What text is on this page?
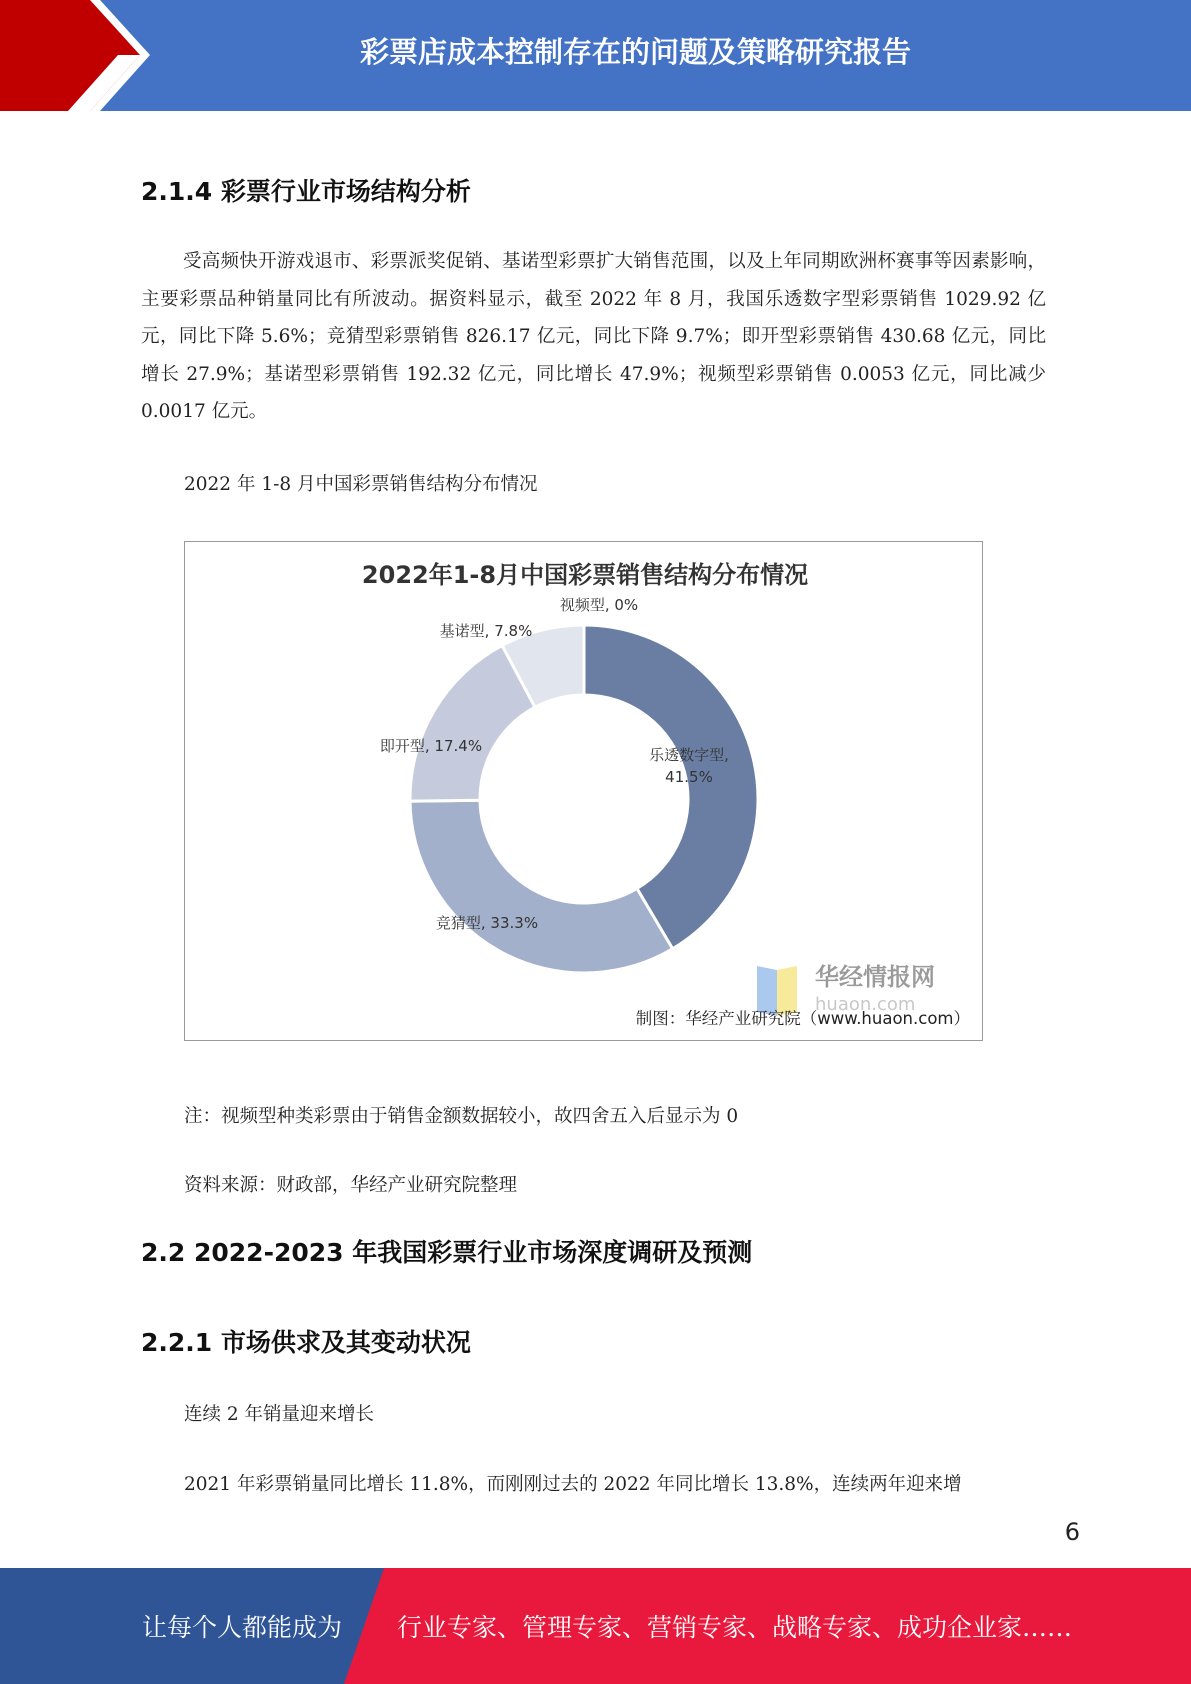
彩票店成本控制存在的问题及策略研究报告
2.1.4 彩票行业市场结构分析

受高频快开游戏退市、彩票派奖促销、基诺型彩票扩大销售范围，以及上年同期欧洲杯赛事等因素影响，主要彩票品种销量同比有所波动。据资料显示，截至 2022 年 8 月，我国乐透数字型彩票销售 1029.92 亿元，同比下降 5.6%；竞猜型彩票销售 826.17 亿元，同比下降 9.7%；即开型彩票销售 430.68 亿元，同比增长 27.9%；基诺型彩票销售 192.32 亿元，同比增长 47.9%；视频型彩票销售 0.0053 亿元，同比减少 0.0017 亿元。

2022 年 1-8 月中国彩票销售结构分布情况

2022年1-8月中国彩票销售结构分布情况
乐透数字型,
41.5%
竞猜型, 33.3%
即开型, 17.4%
基诺型, 7.8%
视频型, 0%
华经情报网
huaon.com
制图：华经产业研究院（www.huaon.com）

注：视频型种类彩票由于销售金额数据较小，故四舍五入后显示为 0

资料来源：财政部，华经产业研究院整理

2.2 2022-2023 年我国彩票行业市场深度调研及预测
2.2.1 市场供求及其变动状况

连续 2 年销量迎来增长

2021 年彩票销量同比增长 11.8%，而刚刚过去的 2022 年同比增长 13.8%，连续两年迎来增

6
让每个人都能成为 行业专家、管理专家、营销专家、战略专家、成功企业家……
